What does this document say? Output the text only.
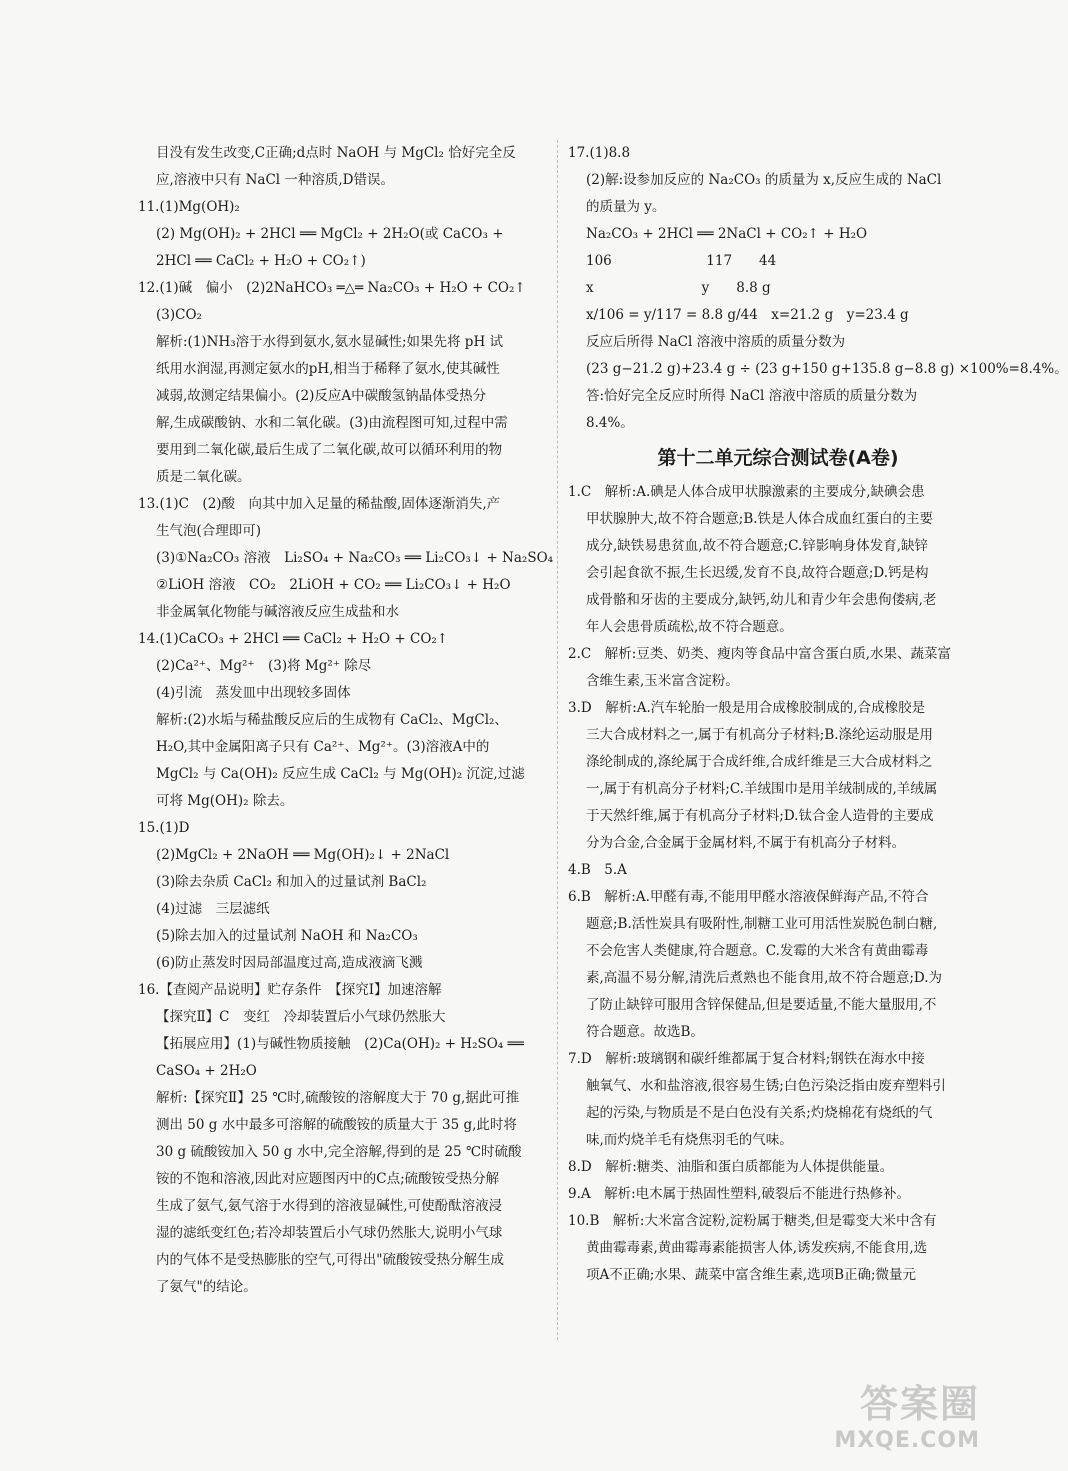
目没有发生改变,C正确;d点时 NaOH 与 MgCl₂ 恰好完全反
应,溶液中只有 NaCl 一种溶质,D错误。
11.(1)Mg(OH)₂
(2) Mg(OH)₂ + 2HCl ══ MgCl₂ + 2H₂O(或 CaCO₃ +
2HCl ══ CaCl₂ + H₂O + CO₂↑)
12.(1)碱　偏小　(2)2NaHCO₃ ═△═ Na₂CO₃ + H₂O + CO₂↑
(3)CO₂
解析:(1)NH₃溶于水得到氨水,氨水显碱性;如果先将 pH 试
纸用水润湿,再测定氨水的pH,相当于稀释了氨水,使其碱性
减弱,故测定结果偏小。(2)反应A中碳酸氢钠晶体受热分
解,生成碳酸钠、水和二氧化碳。(3)由流程图可知,过程中需
要用到二氧化碳,最后生成了二氧化碳,故可以循环利用的物
质是二氧化碳。
13.(1)C　(2)酸　向其中加入足量的稀盐酸,固体逐渐消失,产
生气泡(合理即可)
(3)①Na₂CO₃ 溶液　Li₂SO₄ + Na₂CO₃ ══ Li₂CO₃↓ + Na₂SO₄
②LiOH 溶液　CO₂　2LiOH + CO₂ ══ Li₂CO₃↓ + H₂O
非金属氧化物能与碱溶液反应生成盐和水
14.(1)CaCO₃ + 2HCl ══ CaCl₂ + H₂O + CO₂↑
(2)Ca²⁺、Mg²⁺　(3)将 Mg²⁺ 除尽
(4)引流　蒸发皿中出现较多固体
解析:(2)水垢与稀盐酸反应后的生成物有 CaCl₂、MgCl₂、
H₂O,其中金属阳离子只有 Ca²⁺、Mg²⁺。(3)溶液A中的
MgCl₂ 与 Ca(OH)₂ 反应生成 CaCl₂ 与 Mg(OH)₂ 沉淀,过滤
可将 Mg(OH)₂ 除去。
15.(1)D
(2)MgCl₂ + 2NaOH ══ Mg(OH)₂↓ + 2NaCl
(3)除去杂质 CaCl₂ 和加入的过量试剂 BaCl₂
(4)过滤　三层滤纸
(5)除去加入的过量试剂 NaOH 和 Na₂CO₃
(6)防止蒸发时因局部温度过高,造成液滴飞溅
16.【查阅产品说明】贮存条件　【探究Ⅰ】加速溶解
【探究Ⅱ】C　变红　冷却装置后小气球仍然胀大
【拓展应用】(1)与碱性物质接触　(2)Ca(OH)₂ + H₂SO₄ ══
CaSO₄ + 2H₂O
解析:【探究Ⅱ】25 ℃时,硫酸铵的溶解度大于 70 g,据此可推
测出 50 g 水中最多可溶解的硫酸铵的质量大于 35 g,此时将
30 g 硫酸铵加入 50 g 水中,完全溶解,得到的是 25 ℃时硫酸
铵的不饱和溶液,因此对应题图丙中的C点;硫酸铵受热分解
生成了氨气,氨气溶于水得到的溶液显碱性,可使酚酞溶液浸
湿的滤纸变红色;若冷却装置后小气球仍然胀大,说明小气球
内的气体不是受热膨胀的空气,可得出"硫酸铵受热分解生成
了氨气"的结论。
17.(1)8.8
(2)解:设参加反应的 Na₂CO₃ 的质量为 x,反应生成的 NaCl
的质量为 y。
Na₂CO₃ + 2HCl ══ 2NaCl + CO₂↑ + H₂O
106　　　　　　　117　　44
x　　　　　　　　y　　8.8 g
x/106 = y/117 = 8.8 g/44　x=21.2 g　y=23.4 g
反应后所得 NaCl 溶液中溶质的质量分数为
(23 g−21.2 g)+23.4 g ÷ (23 g+150 g+135.8 g−8.8 g) ×100%=8.4%。
答:恰好完全反应时所得 NaCl 溶液中溶质的质量分数为
8.4%。
第十二单元综合测试卷(A卷)
1.C　解析:A.碘是人体合成甲状腺激素的主要成分,缺碘会患
甲状腺肿大,故不符合题意;B.铁是人体合成血红蛋白的主要
成分,缺铁易患贫血,故不符合题意;C.锌影响身体发育,缺锌
会引起食欲不振,生长迟缓,发育不良,故符合题意;D.钙是构
成骨骼和牙齿的主要成分,缺钙,幼儿和青少年会患佝偻病,老
年人会患骨质疏松,故不符合题意。
2.C　解析:豆类、奶类、瘦肉等食品中富含蛋白质,水果、蔬菜富
含维生素,玉米富含淀粉。
3.D　解析:A.汽车轮胎一般是用合成橡胶制成的,合成橡胶是
三大合成材料之一,属于有机高分子材料;B.涤纶运动服是用
涤纶制成的,涤纶属于合成纤维,合成纤维是三大合成材料之
一,属于有机高分子材料;C.羊绒围巾是用羊绒制成的,羊绒属
于天然纤维,属于有机高分子材料;D.钛合金人造骨的主要成
分为合金,合金属于金属材料,不属于有机高分子材料。
4.B　5.A
6.B　解析:A.甲醛有毒,不能用甲醛水溶液保鲜海产品,不符合
题意;B.活性炭具有吸附性,制糖工业可用活性炭脱色制白糖,
不会危害人类健康,符合题意。C.发霉的大米含有黄曲霉毒
素,高温不易分解,清洗后煮熟也不能食用,故不符合题意;D.为
了防止缺锌可服用含锌保健品,但是要适量,不能大量服用,不
符合题意。故选B。
7.D　解析:玻璃钢和碳纤维都属于复合材料;钢铁在海水中接
触氧气、水和盐溶液,很容易生锈;白色污染泛指由废弃塑料引
起的污染,与物质是不是白色没有关系;灼烧棉花有烧纸的气
味,而灼烧羊毛有烧焦羽毛的气味。
8.D　解析:糖类、油脂和蛋白质都能为人体提供能量。
9.A　解析:电木属于热固性塑料,破裂后不能进行热修补。
10.B　解析:大米富含淀粉,淀粉属于糖类,但是霉变大米中含有
黄曲霉毒素,黄曲霉毒素能损害人体,诱发疾病,不能食用,选
项A不正确;水果、蔬菜中富含维生素,选项B正确;微量元
答案圈
MXQE.COM
